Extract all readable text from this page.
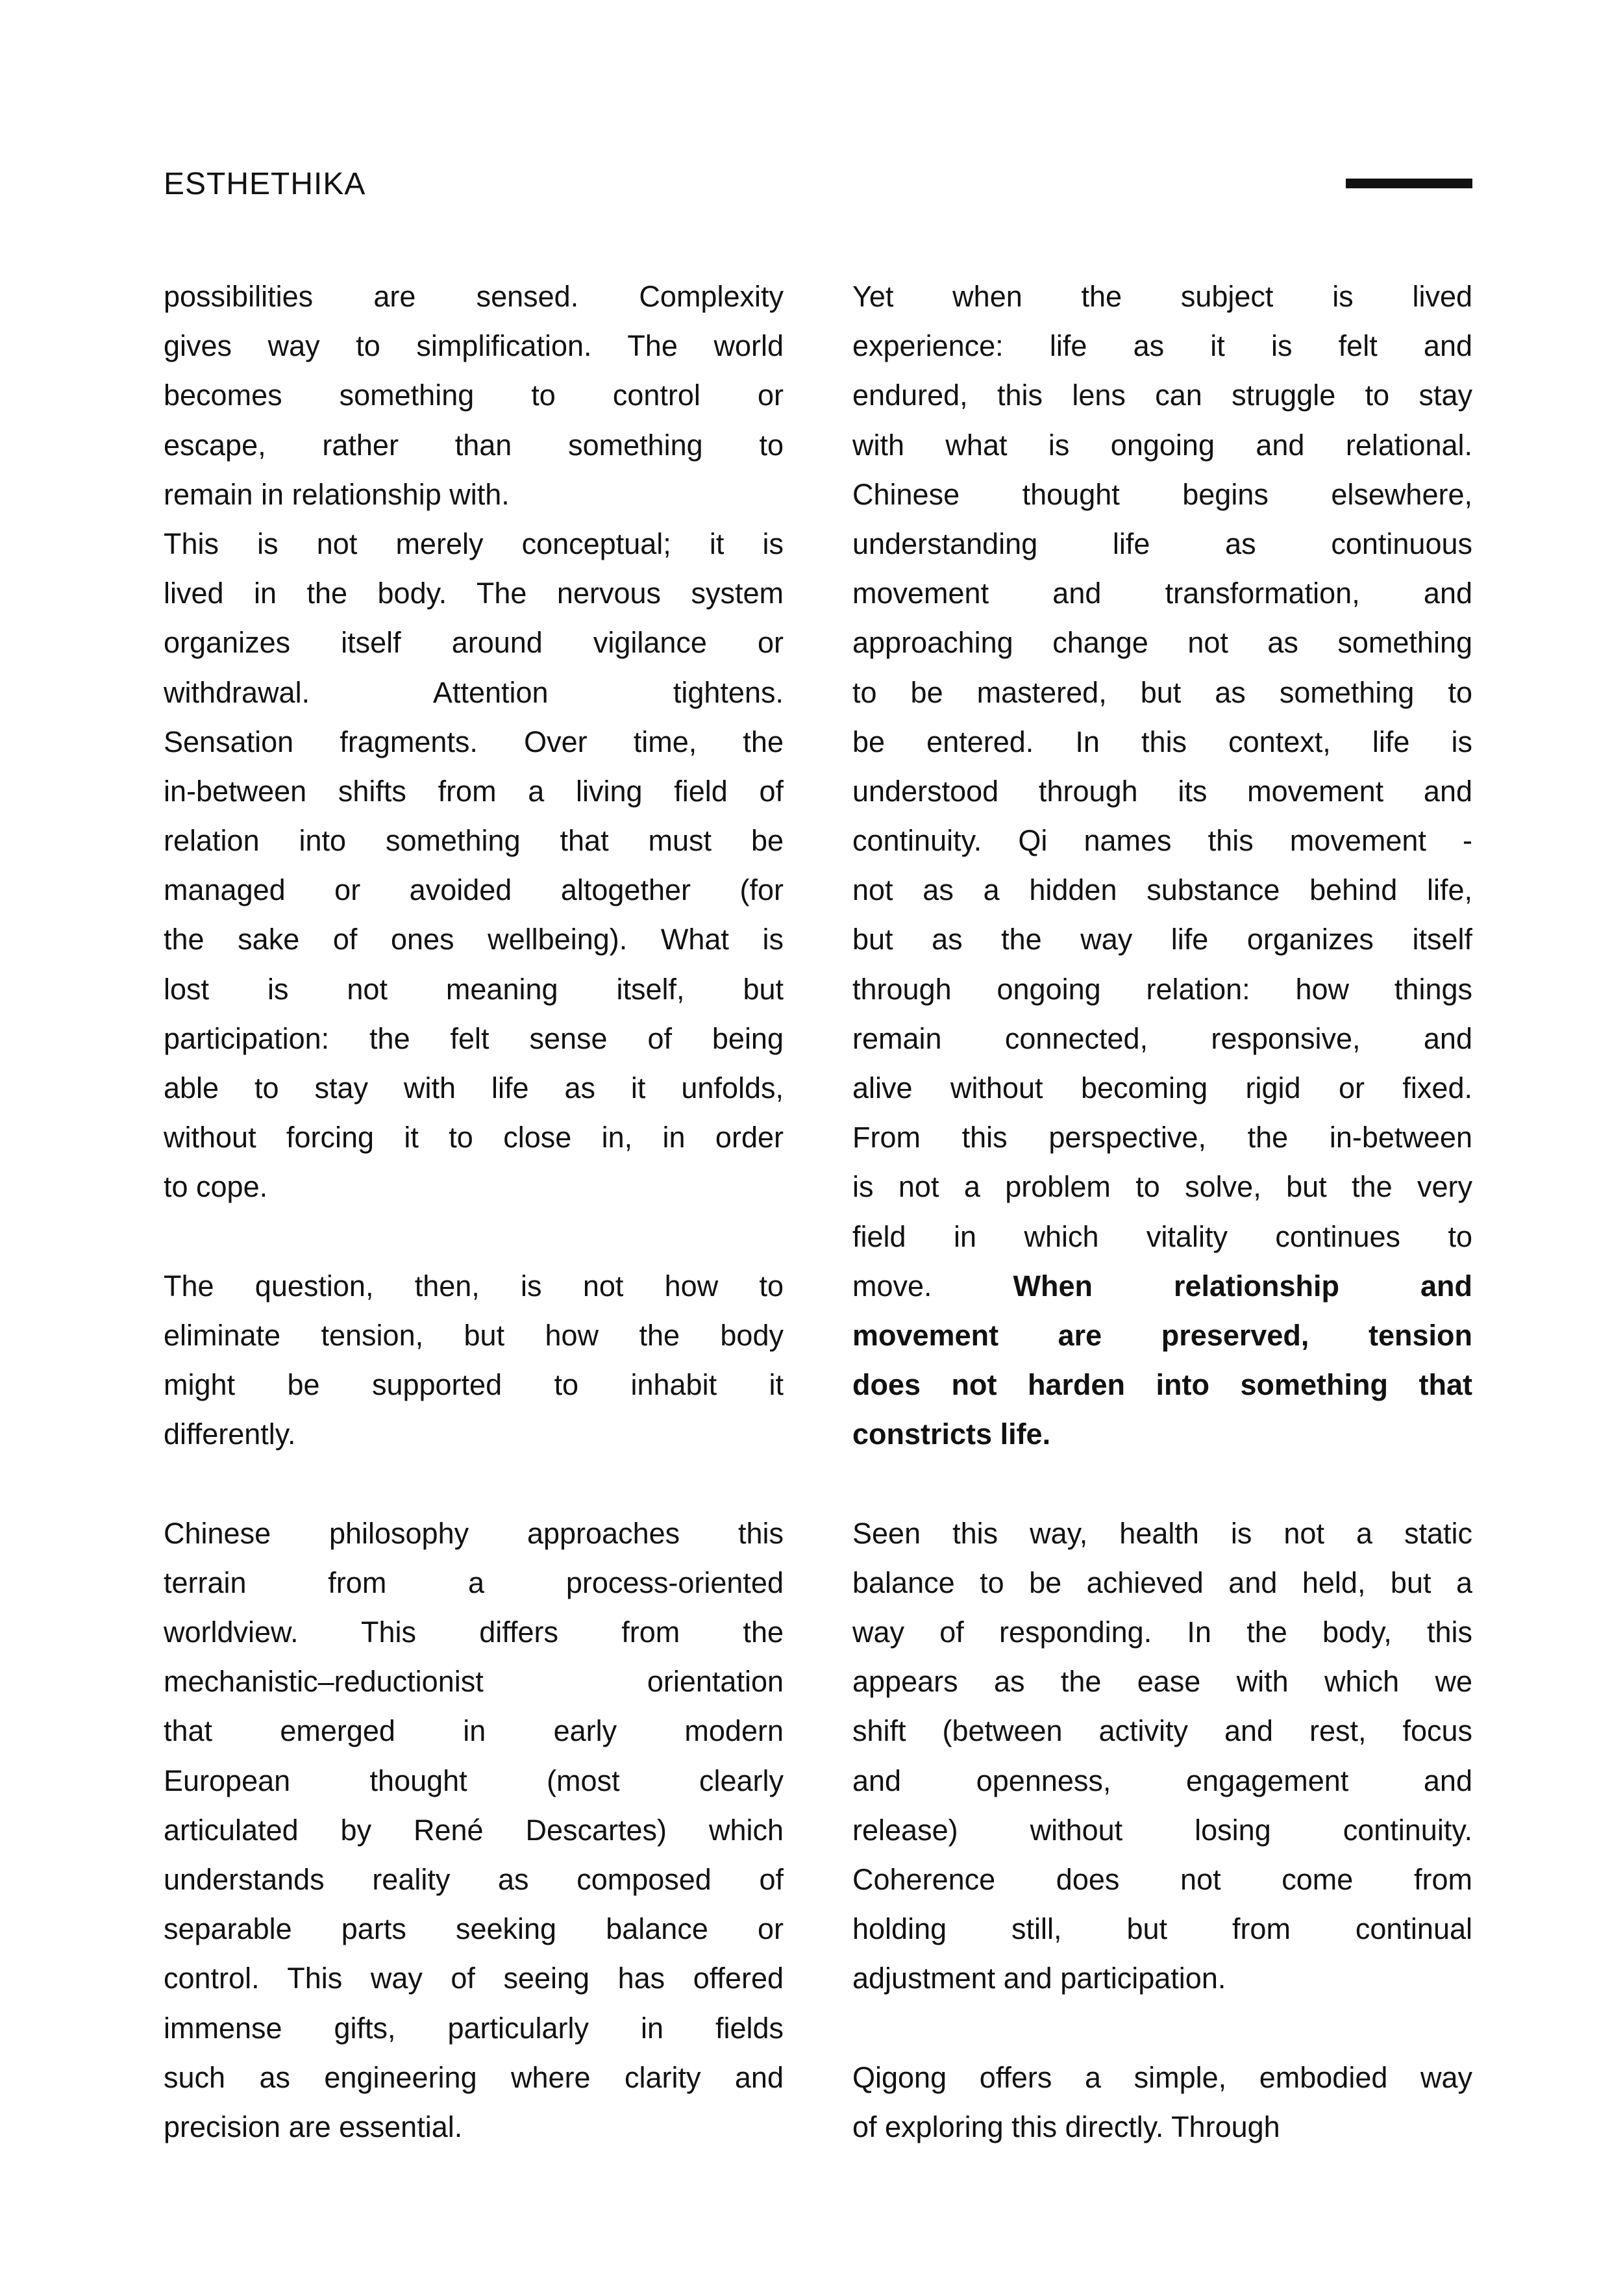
ESTHETHIKA
possibilities are sensed. Complexity
gives way to simplification. The world
becomes something to control or
escape, rather than something to
remain in relationship with.
This is not merely conceptual; it is
lived in the body. The nervous system
organizes itself around vigilance or
withdrawal. Attention tightens.
Sensation fragments. Over time, the
in-between shifts from a living field of
relation into something that must be
managed or avoided altogether (for
the sake of ones wellbeing). What is
lost is not meaning itself, but
participation: the felt sense of being
able to stay with life as it unfolds,
without forcing it to close in, in order
to cope.
The question, then, is not how to
eliminate tension, but how the body
might be supported to inhabit it
differently.
Chinese philosophy approaches this
terrain from a process-oriented
worldview. This differs from the
mechanistic–reductionist orientation
that emerged in early modern
European thought (most clearly
articulated by René Descartes) which
understands reality as composed of
separable parts seeking balance or
control. This way of seeing has offered
immense gifts, particularly in fields
such as engineering where clarity and
precision are essential.
Yet when the subject is lived
experience: life as it is felt and
endured, this lens can struggle to stay
with what is ongoing and relational.
Chinese thought begins elsewhere,
understanding life as continuous
movement and transformation, and
approaching change not as something
to be mastered, but as something to
be entered. In this context, life is
understood through its movement and
continuity. Qi names this movement -
not as a hidden substance behind life,
but as the way life organizes itself
through ongoing relation: how things
remain connected, responsive, and
alive without becoming rigid or fixed.
From this perspective, the in-between
is not a problem to solve, but the very
field in which vitality continues to
move. When relationship and
movement are preserved, tension
does not harden into something that
constricts life.
Seen this way, health is not a static
balance to be achieved and held, but a
way of responding. In the body, this
appears as the ease with which we
shift (between activity and rest, focus
and openness, engagement and
release) without losing continuity.
Coherence does not come from
holding still, but from continual
adjustment and participation.
Qigong offers a simple, embodied way
of exploring this directly. Through
